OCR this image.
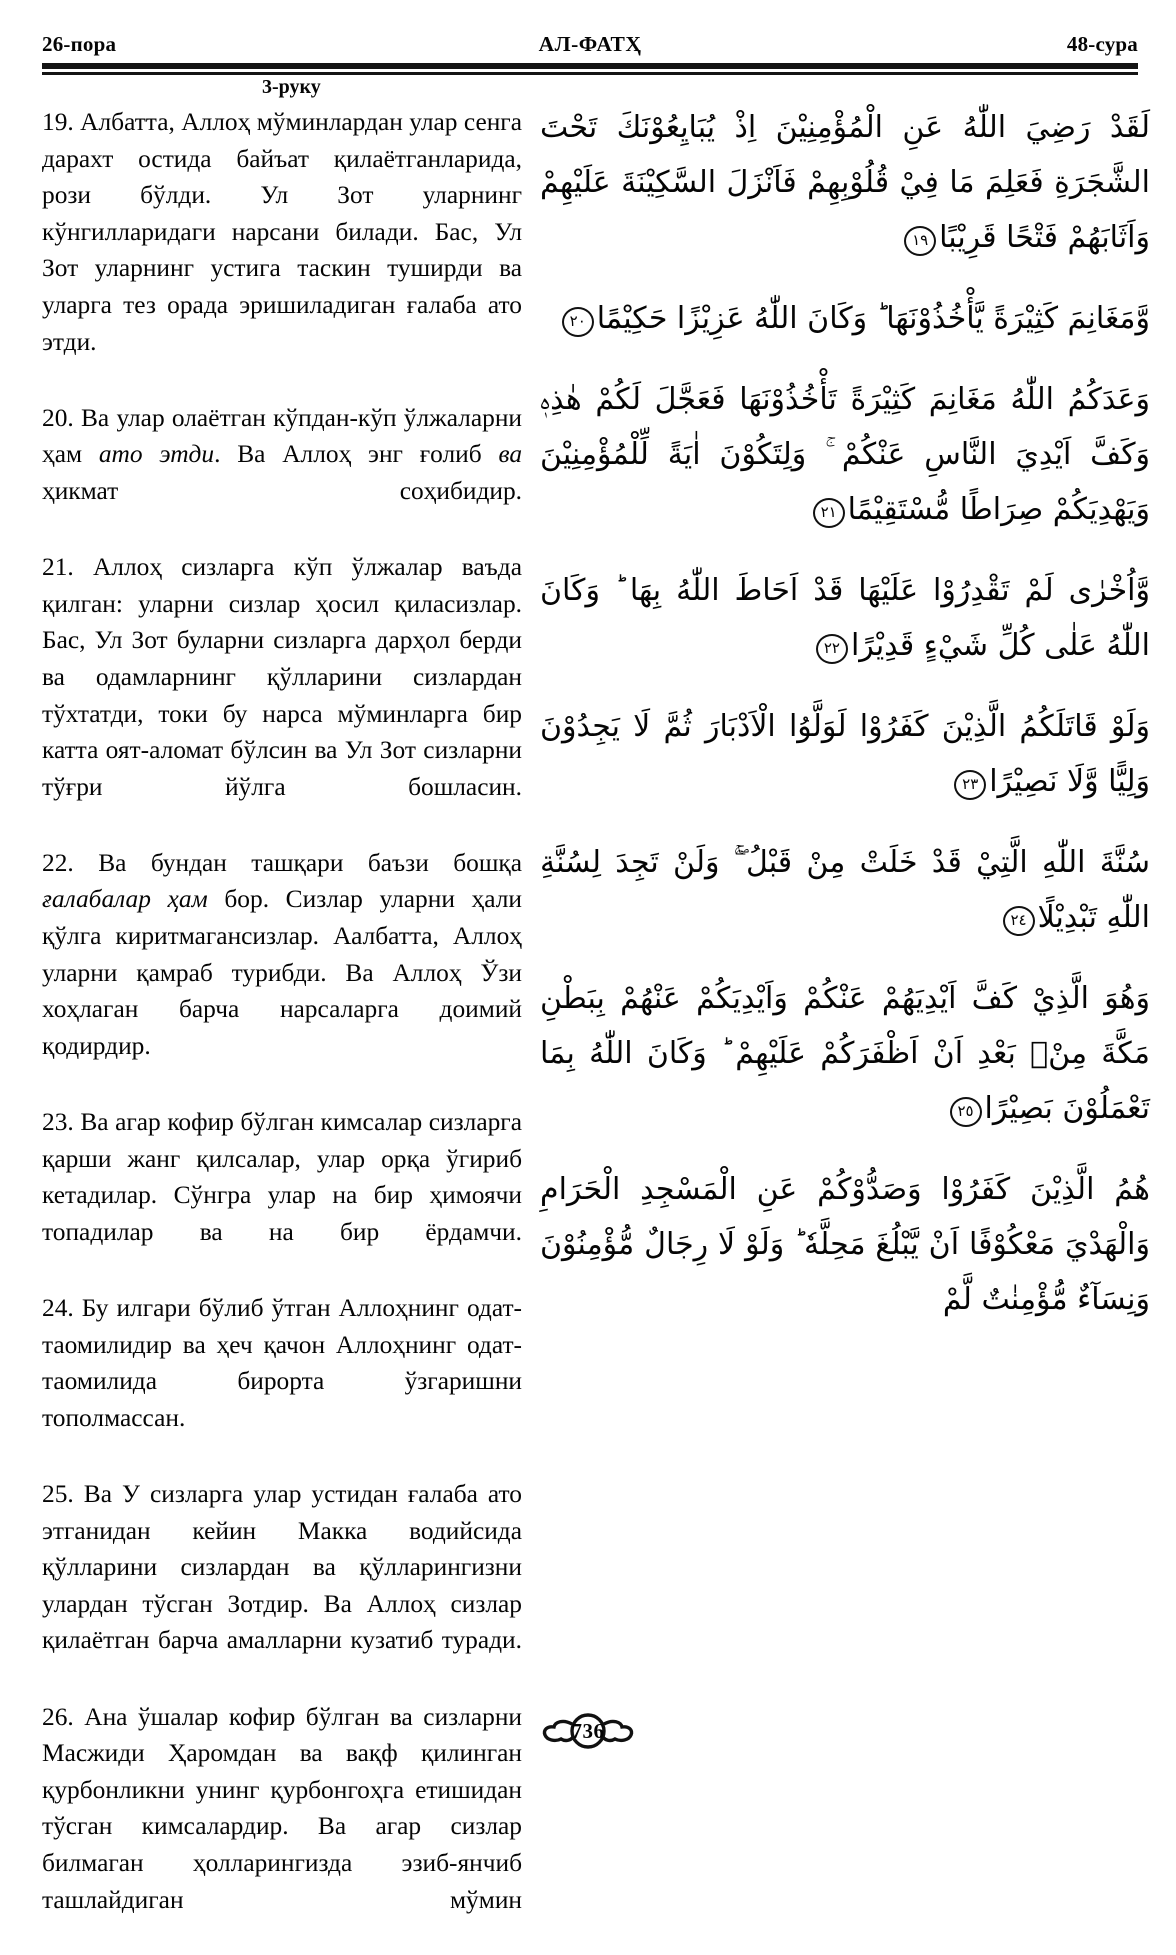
26-пора	АЛ-ФАТҲ	48-сура
3-руку

19. Албатта, Аллоҳ мўминлардан улар сенга дарахт остида байъат қилаётганларида, рози бўлди. Ул Зот уларнинг кўнгилларидаги нарсани билади. Бас, Ул Зот уларнинг устига таскин туширди ва уларга тез орада эришиладиган ғалаба ато этди.

20. Ва улар олаётган кўпдан-кўп ўлжаларни ҳам ато этди. Ва Аллоҳ энг ғолиб ва ҳикмат соҳибидир.

21. Аллоҳ сизларга кўп ўлжалар ваъда қилган: уларни сизлар ҳосил қиласизлар. Бас, Ул Зот буларни сизларга дарҳол берди ва одамларнинг қўлларини сизлардан тўхтатди, токи бу нарса мўминларга бир катта оят-аломат бўлсин ва Ул Зот сизларни тўғри йўлга бошласин.

22. Ва бундан ташқари баъзи бошқа ғалабалар ҳам бор. Сизлар уларни ҳали қўлга киритмагансизлар. Аалбатта, Аллоҳ уларни қамраб турибди. Ва Аллоҳ Ўзи хоҳлаган барча нарсаларга доимий қодирдир.

23. Ва агар кофир бўлган кимсалар сизларга қарши жанг қилсалар, улар орқа ўгириб кетадилар. Сўнгра улар на бир ҳимоячи топадилар ва на бир ёрдамчи.

24. Бу илгари бўлиб ўтган Аллоҳнинг одат-таомилидир ва ҳеч қачон Аллоҳнинг одат-таомилида бирорта ўзгаришни тополмассан.

25. Ва У сизларга улар устидан ғалаба ато этганидан кейин Макка водийсида қўлларини сизлардан ва қўлларингизни улардан тўсган Зотдир. Ва Аллоҳ сизлар қилаётган барча амалларни кузатиб туради.

26. Ана ўшалар кофир бўлган ва сизларни Масжиди Ҳаромдан ва вақф қилинган қурбонликни унинг қурбонгоҳга етишидан тўсган кимсалардир. Ва агар сизлар билмаган ҳолларингизда эзиб-янчиб ташлайдиган мўмин

لَقَدْ رَضِيَ اللّٰهُ عَنِ الْمُؤْمِنِيْنَ اِذْ يُبَايِعُوْنَكَ تَحْتَ الشَّجَرَةِ فَعَلِمَ مَا فِيْ قُلُوْبِهِمْ فَاَنْزَلَ السَّكِيْنَةَ عَلَيْهِمْ وَاَثَابَهُمْ فَتْحًا قَرِيْبًا١٩
وَّمَغَانِمَ كَثِيْرَةً يَّأْخُذُوْنَهَا ؕ وَكَانَ اللّٰهُ عَزِيْزًا حَكِيْمًا٢٠
وَعَدَكُمُ اللّٰهُ مَغَانِمَ كَثِيْرَةً تَأْخُذُوْنَهَا فَعَجَّلَ لَكُمْ هٰذِهٖ وَكَفَّ اَيْدِيَ النَّاسِ عَنْكُمْ ۚ وَلِتَكُوْنَ اٰيَةً لِّلْمُؤْمِنِيْنَ وَيَهْدِيَكُمْ صِرَاطًا مُّسْتَقِيْمًا٢١
وَّاُخْرٰى لَمْ تَقْدِرُوْا عَلَيْهَا قَدْ اَحَاطَ اللّٰهُ بِهَا ؕ وَكَانَ اللّٰهُ عَلٰى كُلِّ شَيْءٍ قَدِيْرًا٢٢
وَلَوْ قَاتَلَكُمُ الَّذِيْنَ كَفَرُوْا لَوَلَّوُا الْاَدْبَارَ ثُمَّ لَا يَجِدُوْنَ وَلِيًّا وَّلَا نَصِيْرًا٢٣
سُنَّةَ اللّٰهِ الَّتِيْ قَدْ خَلَتْ مِنْ قَبْلُ ۖۚ وَلَنْ تَجِدَ لِسُنَّةِ اللّٰهِ تَبْدِيْلًا٢٤
وَهُوَ الَّذِيْ كَفَّ اَيْدِيَهُمْ عَنْكُمْ وَاَيْدِيَكُمْ عَنْهُمْ بِبَطْنِ مَكَّةَ مِنْۢ بَعْدِ اَنْ اَظْفَرَكُمْ عَلَيْهِمْ ؕ وَكَانَ اللّٰهُ بِمَا تَعْمَلُوْنَ بَصِيْرًا٢٥
هُمُ الَّذِيْنَ كَفَرُوْا وَصَدُّوْكُمْ عَنِ الْمَسْجِدِ الْحَرَامِ وَالْهَدْيَ مَعْكُوْفًا اَنْ يَّبْلُغَ مَحِلَّهٗ ؕ وَلَوْ لَا رِجَالٌ مُّؤْمِنُوْنَ وَنِسَآءٌ مُّؤْمِنٰتٌ لَّمْ
736
